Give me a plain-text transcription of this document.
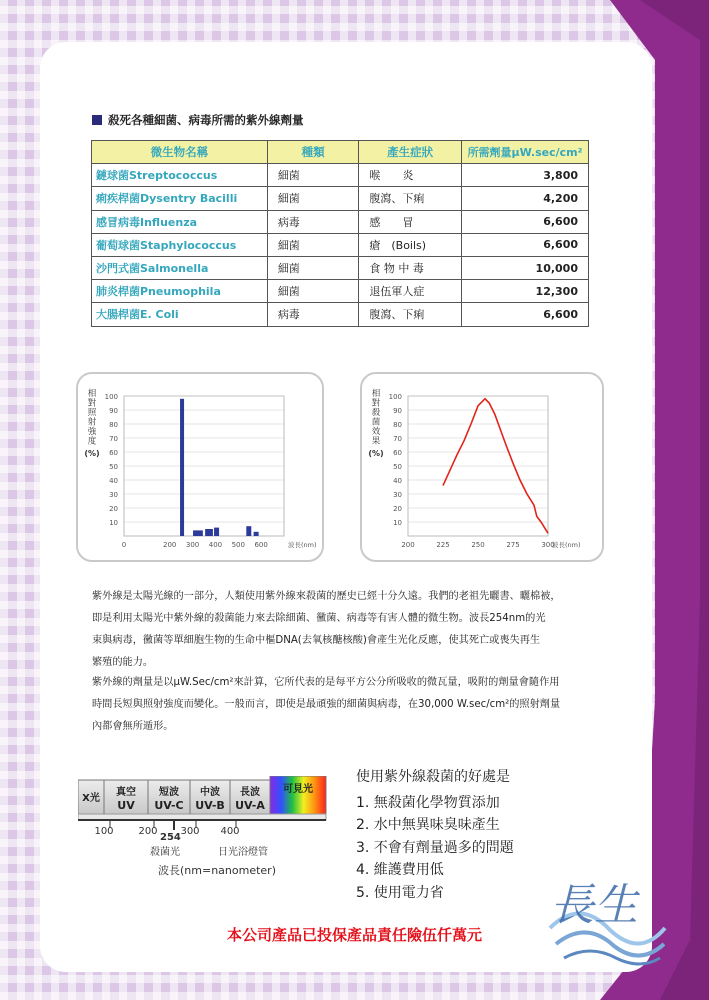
殺死各種細菌、病毒所需的紫外線劑量
微生物名稱	種類	產生症狀	所需劑量μW.sec/cm²
鏈球菌Streptococcus	細菌	喉　　炎	3,800
痢疾桿菌Dysentry Bacilli	細菌	腹瀉、下痢	4,200
感冒病毒Influenza	病毒	感　　冒	6,600
葡萄球菌Staphylococcus	細菌	瘡　(Boils)	6,600
沙門式菌Salmonella	細菌	食 物 中 毒	10,000
肺炎桿菌Pneumophila	細菌	退伍軍人症	12,300
大腸桿菌E. Coli	病毒	腹瀉、下痢	6,600
10
20
30
40
50
60
70
80
90
100
0	200 300 400 500 600	波長(nm)
相
對
照
射
強
度
(%)
10
20
30
40
50
60
70
80
90
100
200	225	250	275	300
波長(nm)
相
對
殺
菌
效
果
(%)
紫外線是太陽光線的一部分，人類使用紫外線來殺菌的歷史已經十分久遠。我們的老祖先曬書、曬棉被，
即是利用太陽光中紫外線的殺菌能力來去除細菌、黴菌、病毒等有害人體的微生物。波長254nm的光
束與病毒，黴菌等單細胞生物的生命中樞DNA(去氧核醣核酸)會產生光化反應，使其死亡或喪失再生
繁殖的能力。
紫外線的劑量是以μW.Sec/cm²來計算，它所代表的是每平方公分所吸收的微瓦量，吸附的劑量會隨作用
時間長短與照射強度而變化。一般而言，即使是最頑強的細菌與病毒，在30,000 W.sec/cm²的照射劑量
內都會無所遁形。
X光
真空
UV
短波
UV-C
中波
UV-B
長波
UV-A
可見光
100 200 300 400
254
殺菌光	日光浴燈管
波長(nm=nanometer)
使用紫外線殺菌的好處是
1. 無殺菌化學物質添加
2. 水中無異味臭味產生
3. 不會有劑量過多的問題
4. 維護費用低
5. 使用電力省	長生
本公司產品已投保產品責任險伍仟萬元
